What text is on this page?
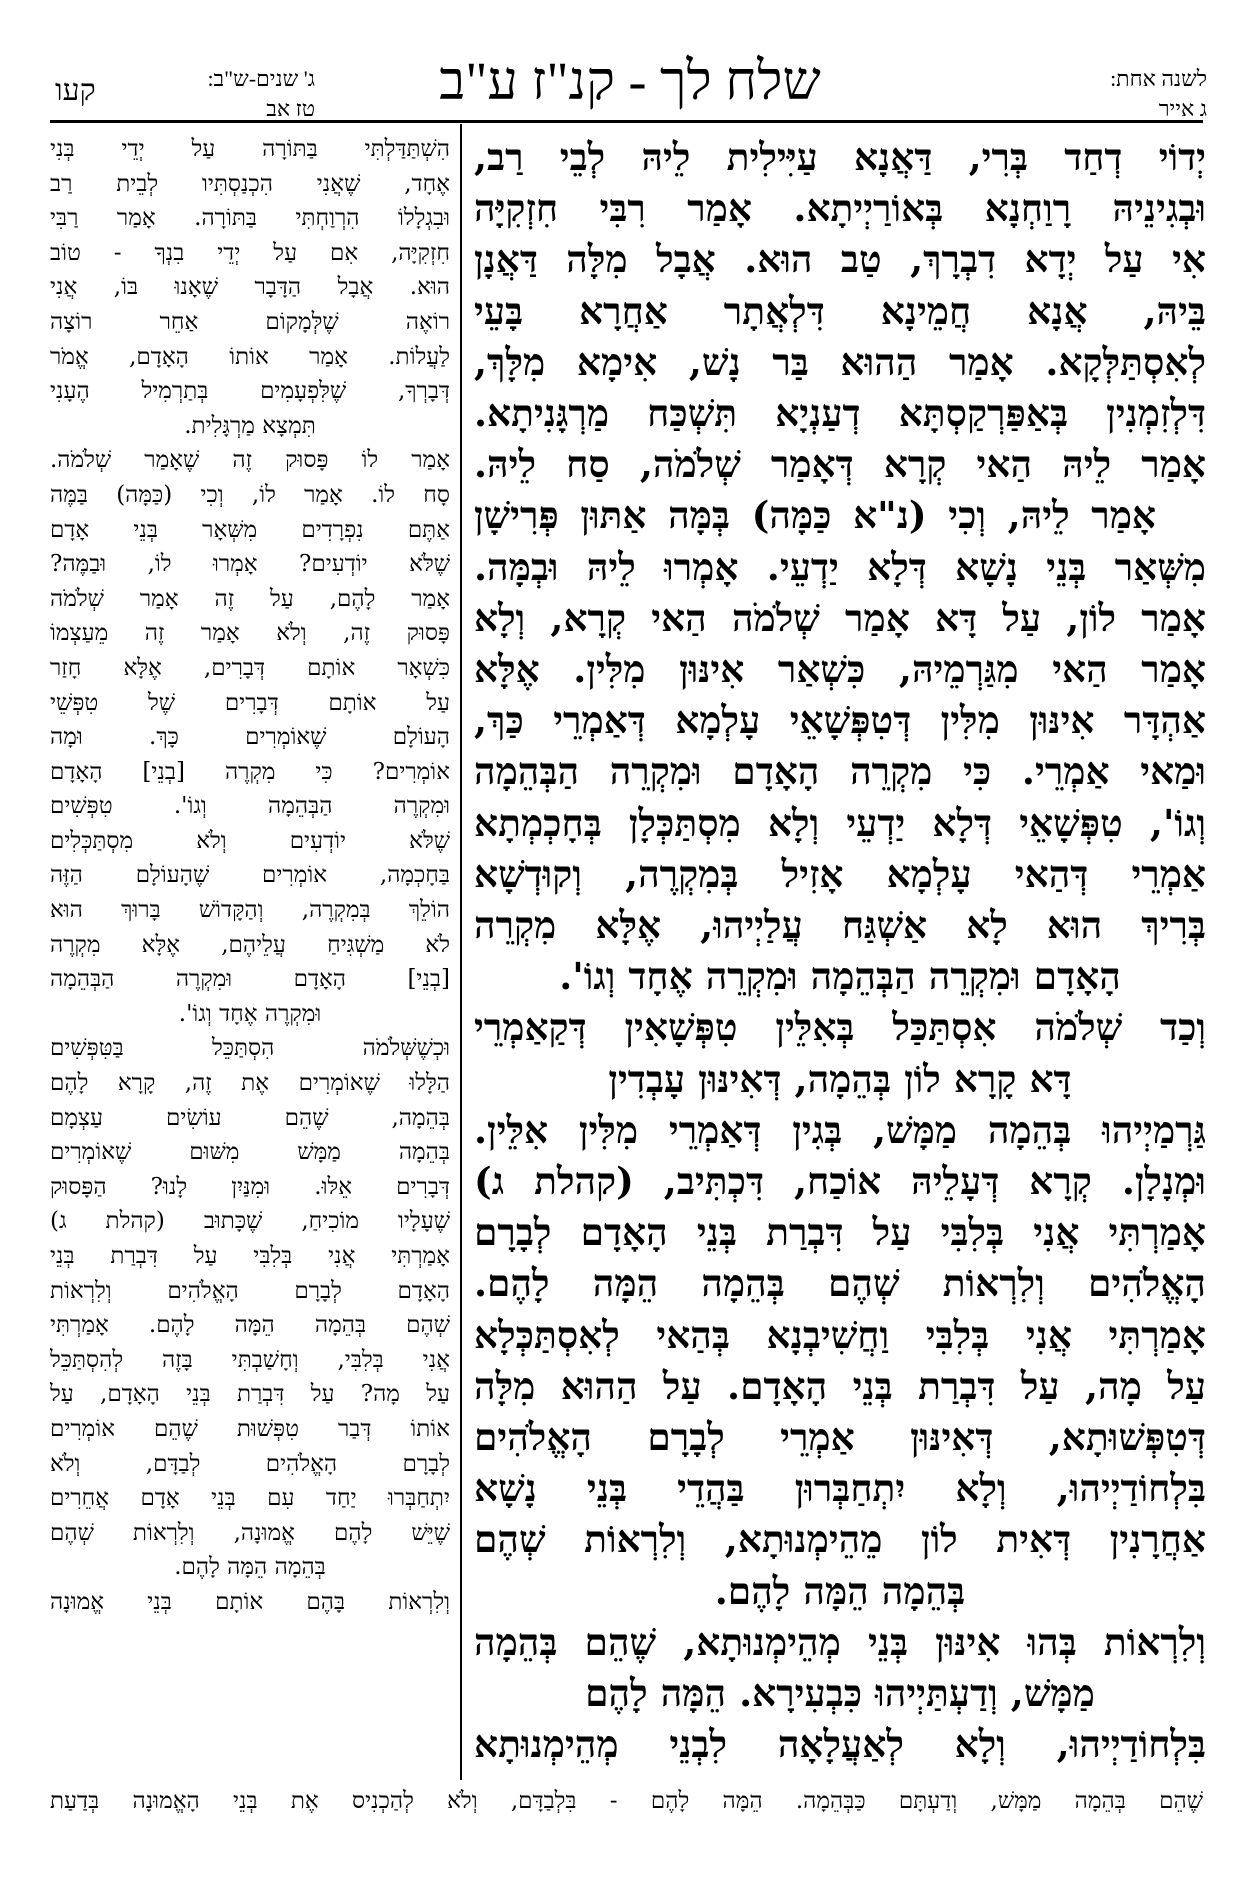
קעו	ג' שנים-ש"ב:
טז אב	שלח לך - קנ"ז ע"ב	לשנה אחת:
ג אייר
יְדוֹי דְחַד בְּרִי, דַּאֲנָא עַיִּילִית לֵיהּ לְבֵי רַב,
וּבְגִינֵיהּ רָוַחְנָא בְּאוֹרַיְיתָא. אָמַר רִבִּי חִזְקִיָּה
אִי עַל יְדָא דִבְרָךְ, טַב הוּא. אֲבָל מִלָּה דַּאֲנָן
בֵּיהּ, אֲנָא חֲמֵינָא דִּלְאֲתָר אַחֲרָא בָּעֵי
לְאִסְתַּלְּקָא. אָמַר הַהוּא בַּר נָשׁ, אִימָא מִלָּךְ,
דִּלְזִמְנִין בְּאַפַּרְקַסְתָּא דְעַנְיָא תִּשְׁכַּח מַרְגָּנִיתָא.
אָמַר לֵיהּ הַאי קְרָא דְּאָמַר שְׁלֹמֹה, סַח לֵיהּ.
אָמַר לֵיהּ, וְכִי (נ"א כַּמָּה) בְּמָּה אַתּוּן פְּרִישָׁן
מִשְּׁאַר בְּנֵי נָשָׁא דְּלָא יַדְעֵי. אָמְרוּ לֵיהּ וּבְמָּה.
אָמַר לוֹן, עַל דָּא אָמַר שְׁלֹמֹה הַאי קְרָא, וְלָא
אָמַר הַאי מִגַּרְמֵיהּ, כִּשְׁאַר אִינּוּן מִלִּין. אֶלָּא
אַהְדָּר אִינּוּן מִלִּין דְּטִפְּשָׁאֵי עָלְמָא דְּאַמְרֵי כַּךְ,
וּמַאי אַמְרֵי. כִּי מִקְרֵה הָאָדָם וּמִקְרֵה הַבְּהֵמָה
וְגוֹ', טִפְּשָׁאֵי דְּלָא יַדְעֵי וְלָא מִסְתַּכְּלָן בְּחָכְמְתָא
אַמְרֵי דְּהַאי עָלְמָא אָזִיל בְּמִקְרֶה, וְקוּדְשָׁא
בְּרִיךְ הוּא לָא אַשְׁגַּח עֲלַיְיהוּ, אֶלָּא מִקְרֵה
הָאָדָם וּמִקְרֵה הַבְּהֵמָה וּמִקְרֵה אֶחָד וְגוֹ'.
וְכַד שְׁלֹמֹה אִסְתַּכַּל בְּאִלֵּין טִפְּשָׁאִין דְּקַאַמְרֵי
דָּא קָרָא לוֹן בְּהֵמָה, דְּאִינּוּן עָבְדִין
גַּרְמַיְיהוּ בְּהֵמָה מַמָּשׁ, בְּגִין דְּאַמְרֵי מִלִּין אִלֵּין.
וּמְנָלָן. קְרָא דְּעָלֵיהּ אוֹכַח, דִּכְתִּיב, (קהלת ג)
אָמַרְתִּי אֲנִי בְּלִבִּי עַל דִּבְרַת בְּנֵי הָאָדָם לְבָרָם
הָאֱלֹהִים וְלִרְאוֹת שְׁהֶם בְּהֵמָה הֵמָּה לָהֶם.
אָמַרְתִּי אֲנִי בְּלִבִּי וַחֲשִׁיבְנָא בְּהַאי לְאִסְתַּכְּלָא
עַל מָה, עַל דִּבְרַת בְּנֵי הָאָדָם. עַל הַהוּא מִלָּה
דְּטִפְּשׁוּתָא, דְּאִינּוּן אַמְרֵי לְבָרָם הָאֱלֹהִים
בִּלְחוֹדַיְיהוּ, וְלָא יִתְחַבְּרוּן בַּהֲדֵי בְּנֵי נָשָׁא
אַחֲרָנִין דְּאִית לוֹן מֵהֵימְנוּתָא, וְלִרְאוֹת שְׁהֶם
בְּהֵמָה הֵמָּה לָהֶם.
וְלִרְאוֹת בְּהוּ אִינּוּן בְּנֵי מְהֵימְנוּתָא, שֶׁהֵם בְּהֵמָה
מַמָּשׁ, וְדַעְתַּיְיהוּ כִּבְעִירָא. הֵמָּה לָהֶם
בִּלְחוֹדַיְיהוּ, וְלָא לְאַעֲלָאָה לִבְנֵי מְהֵימְנוּתָא
הִשְׁתַּדַּלְתִּי בַּתּוֹרָה עַל יְדֵי בְּנִי
אֶחָד, שֶׁאֲנִי הִכְנַסְתִּיו לְבֵית רַב
וּבִגְלָלוֹ הִרְוַחְתִּי בַּתּוֹרָה. אָמַר רַבִּי
חִזְקִיָּה, אִם עַל יְדֵי בִנְךָ - טוֹב
הוּא. אֲבָל הַדָּבָר שֶׁאָנוּ בּוֹ, אֲנִי
רוֹאֶה שֶׁלְּמָקוֹם אַחֵר רוֹצָה
לַעֲלוֹת. אָמַר אוֹתוֹ הָאָדָם, אֱמֹר
דְּבָרְךָ, שֶׁלִּפְעָמִים בְּתַרְמִיל הֶעָנִי
תִּמְצָא מַרְגָּלִית.
אָמַר לוֹ פָּסוּק זֶה שֶׁאָמַר שְׁלֹמֹה.
סָח לוֹ. אָמַר לוֹ, וְכִי (כַּמָּה) בַּמֶּה
אַתֶּם נִפְרָדִים מִשְּׁאָר בְּנֵי אָדָם
שֶׁלֹּא יוֹדְעִים? אָמְרוּ לוֹ, וּבַמֶּה?
אָמַר לָהֶם, עַל זֶה אָמַר שְׁלֹמֹה
פָּסוּק זֶה, וְלֹא אָמַר זֶה מֵעַצְמוֹ
כִּשְׁאָר אוֹתָם דְּבָרִים, אֶלָּא חָזַר
עַל אוֹתָם דְּבָרִים שֶׁל טִפְּשֵׁי
הָעוֹלָם שֶׁאוֹמְרִים כָּךְ. וּמָה
אוֹמְרִים? כִּי מִקְרֶה [בְנֵי] הָאָדָם
וּמִקְרֶה הַבְּהֵמָה וְגוֹ'. טִפְּשִׁים
שֶׁלֹּא יוֹדְעִים וְלֹא מִסְתַּכְּלִים
בַּחָכְמָה, אוֹמְרִים שֶׁהָעוֹלָם הַזֶּה
הוֹלֵךְ בְּמִקְרֶה, וְהַקָּדוֹשׁ בָּרוּךְ הוּא
לֹא מַשְׁגִּיחַ עֲלֵיהֶם, אֶלָּא מִקְרֶה
[בְנֵי] הָאָדָם וּמִקְרֶה הַבְּהֵמָה
וּמִקְרֶה אֶחָד וְגוֹ'.
וּכְשֶׁשְּׁלֹמֹה הִסְתַּכֵּל בַּטִּפְּשִׁים
הַלָּלוּ שֶׁאוֹמְרִים אֶת זֶה, קָרָא לָהֶם
בְּהֵמָה, שֶׁהֵם עוֹשִׂים עַצְמָם
בְּהֵמָה מַמָּשׁ מִשּׁוּם שֶׁאוֹמְרִים
דְּבָרִים אֵלּוּ. וּמִנַּיִן לָנוּ? הַפָּסוּק
שֶׁעָלָיו מוֹכִיחַ, שֶׁכָּתוּב (קהלת ג)
אָמַרְתִּי אֲנִי בְּלִבִּי עַל דִּבְרַת בְּנֵי
הָאָדָם לְבָרָם הָאֱלֹהִים וְלִרְאוֹת
שְׁהֶם בְּהֵמָה הֵמָּה לָהֶם. אָמַרְתִּי
אֲנִי בְּלִבִּי, וְחָשַׁבְתִּי בָּזֶה לְהִסְתַּכֵּל
עַל מָה? עַל דִּבְרַת בְּנֵי הָאָדָם, עַל
אוֹתוֹ דְּבַר טִפְּשׁוּת שֶׁהֵם אוֹמְרִים
לְבָרָם הָאֱלֹהִים לְבַדָּם, וְלֹא
יִתְחַבְּרוּ יַחַד עִם בְּנֵי אָדָם אֲחֵרִים
שֶׁיֵּשׁ לָהֶם אֱמוּנָה, וְלִרְאוֹת שְׁהֶם
בְּהֵמָה הֵמָּה לָהֶם.
וְלִרְאוֹת בָּהֶם אוֹתָם בְּנֵי אֱמוּנָה
שֶׁהֵם בְּהֵמָה מַמָּשׁ, וְדַעְתָּם כַּבְּהֵמָה. הֵמָּה לָהֶם - בִּלְבַדָּם, וְלֹא לְהַכְנִיס אֶת בְּנֵי הָאֱמוּנָה בְּדַעַת
